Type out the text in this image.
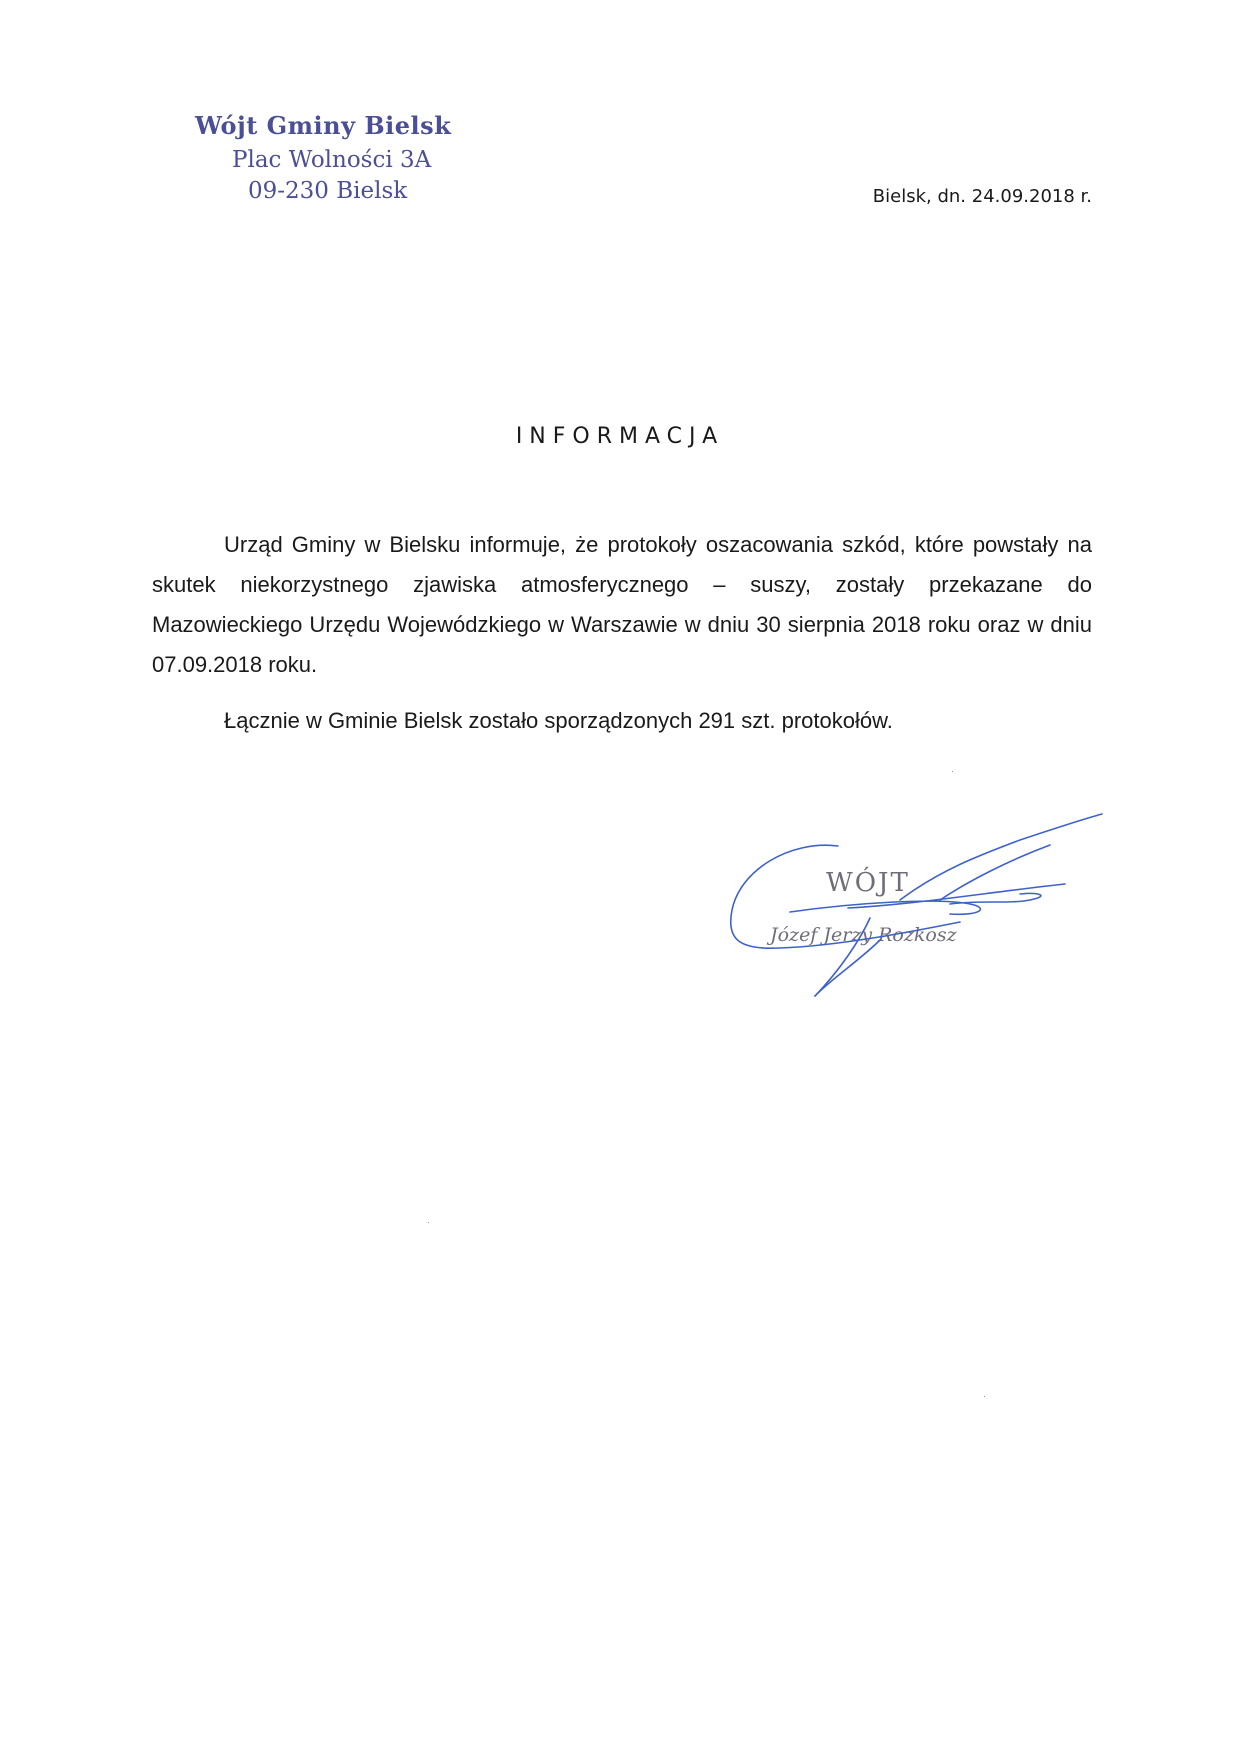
Wójt Gminy Bielsk
Plac Wolności 3A
09-230 Bielsk	Bielsk, dn. 24.09.2018 r.
INFORMACJA

Urząd Gminy w Bielsku informuje, że protokoły oszacowania szkód, które powstały na skutek niekorzystnego zjawiska atmosferycznego – suszy, zostały przekazane do Mazowieckiego Urzędu Wojewódzkiego w Warszawie w dniu 30 sierpnia 2018 roku oraz w dniu 07.09.2018 roku.

Łącznie w Gminie Bielsk zostało sporządzonych 291 szt. protokołów.

WÓJT
Józef Jerzy Rozkosz
